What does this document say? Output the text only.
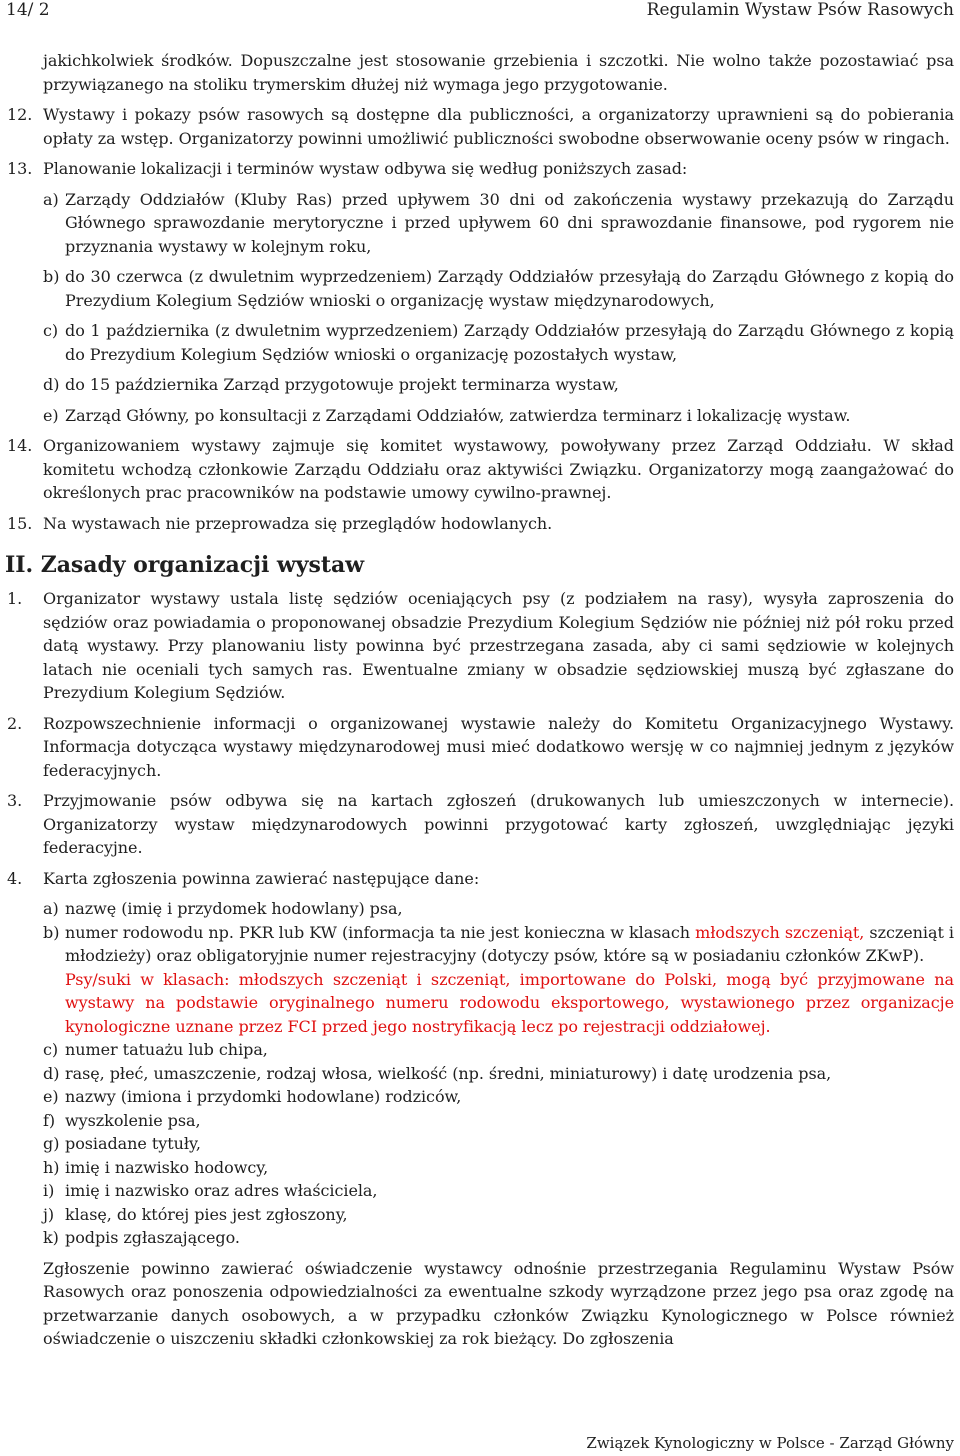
14/ 2	Regulamin Wystaw Psów Rasowych

jakichkolwiek środków. Dopuszczalne jest stosowanie grzebienia i szczotki. Nie wolno także pozostawiać psa przywiązanego na stoliku trymerskim dłużej niż wymaga jego przygotowanie.

12. Wystawy i pokazy psów rasowych są dostępne dla publiczności, a organizatorzy uprawnieni są do pobierania opłaty za wstęp. Organizatorzy powinni umożliwić publiczności swobodne obserwowanie oceny psów w ringach.

13. Planowanie lokalizacji i terminów wystaw odbywa się według poniższych zasad:

a) Zarządy Oddziałów (Kluby Ras) przed upływem 30 dni od zakończenia wystawy przekazują do Zarządu Głównego sprawozdanie merytoryczne i przed upływem 60 dni sprawozdanie finansowe, pod rygorem nie przyznania wystawy w kolejnym roku,
b) do 30 czerwca (z dwuletnim wyprzedzeniem) Zarządy Oddziałów przesyłają do Zarządu Głównego z kopią do Prezydium Kolegium Sędziów wnioski o organizację wystaw międzynarodowych,
c) do 1 października (z dwuletnim wyprzedzeniem) Zarządy Oddziałów przesyłają do Zarządu Głównego z kopią do Prezydium Kolegium Sędziów wnioski o organizację pozostałych wystaw,
d) do 15 października Zarząd przygotowuje projekt terminarza wystaw,
e) Zarząd Główny, po konsultacji z Zarządami Oddziałów, zatwierdza terminarz i lokalizację wystaw.
14. Organizowaniem wystawy zajmuje się komitet wystawowy, powoływany przez Zarząd Oddziału. W skład komitetu wchodzą członkowie Zarządu Oddziału oraz aktywiści Związku. Organizatorzy mogą zaangażować do określonych prac pracowników na podstawie umowy cywilno-prawnej.

15. Na wystawach nie przeprowadza się przeglądów hodowlanych.

II. Zasady organizacji wystaw
1. Organizator wystawy ustala listę sędziów oceniających psy (z podziałem na rasy), wysyła zaproszenia do sędziów oraz powiadamia o proponowanej obsadzie Prezydium Kolegium Sędziów nie później niż pół roku przed datą wystawy. Przy planowaniu listy powinna być przestrzegana zasada, aby ci sami sędziowie w kolejnych latach nie oceniali tych samych ras. Ewentualne zmiany w obsadzie sędziowskiej muszą być zgłaszane do Prezydium Kolegium Sędziów.

2. Rozpowszechnienie informacji o organizowanej wystawie należy do Komitetu Organizacyjnego Wystawy. Informacja dotycząca wystawy międzynarodowej musi mieć dodatkowo wersję w co najmniej jednym z języków federacyjnych.

3. Przyjmowanie psów odbywa się na kartach zgłoszeń (drukowanych lub umieszczonych w internecie). Organizatorzy wystaw międzynarodowych powinni przygotować karty zgłoszeń, uwzględniając języki federacyjne.

4. Karta zgłoszenia powinna zawierać następujące dane:

a) nazwę (imię i przydomek hodowlany) psa,
b) numer rodowodu np. PKR lub KW (informacja ta nie jest konieczna w klasach młodszych szczeniąt, szczeniąt i młodzieży) oraz obligatoryjnie numer rejestracyjny (dotyczy psów, które są w posiadaniu członków ZKwP).

Psy/suki w klasach: młodszych szczeniąt i szczeniąt, importowane do Polski, mogą być przyjmowane na wystawy na podstawie oryginalnego numeru rodowodu eksportowego, wystawionego przez organizacje kynologiczne uznane przez FCI przed jego nostryfikacją lecz po rejestracji oddziałowej.

c) numer tatuażu lub chipa,
d) rasę, płeć, umaszczenie, rodzaj włosa, wielkość (np. średni, miniaturowy) i datę urodzenia psa,
e) nazwy (imiona i przydomki hodowlane) rodziców,
f) wyszkolenie psa,
g) posiadane tytuły,
h) imię i nazwisko hodowcy,
i) imię i nazwisko oraz adres właściciela,
j) klasę, do której pies jest zgłoszony,
k) podpis zgłaszającego.

Zgłoszenie powinno zawierać oświadczenie wystawcy odnośnie przestrzegania Regulaminu Wystaw Psów Rasowych oraz ponoszenia odpowiedzialności za ewentualne szkody wyrządzone przez jego psa oraz zgodę na przetwarzanie danych osobowych, a w przypadku członków Związku Kynologicznego w Polsce również oświadczenie o uiszczeniu składki członkowskiej za rok bieżący. Do zgłoszenia

Związek Kynologiczny w Polsce - Zarząd Główny
